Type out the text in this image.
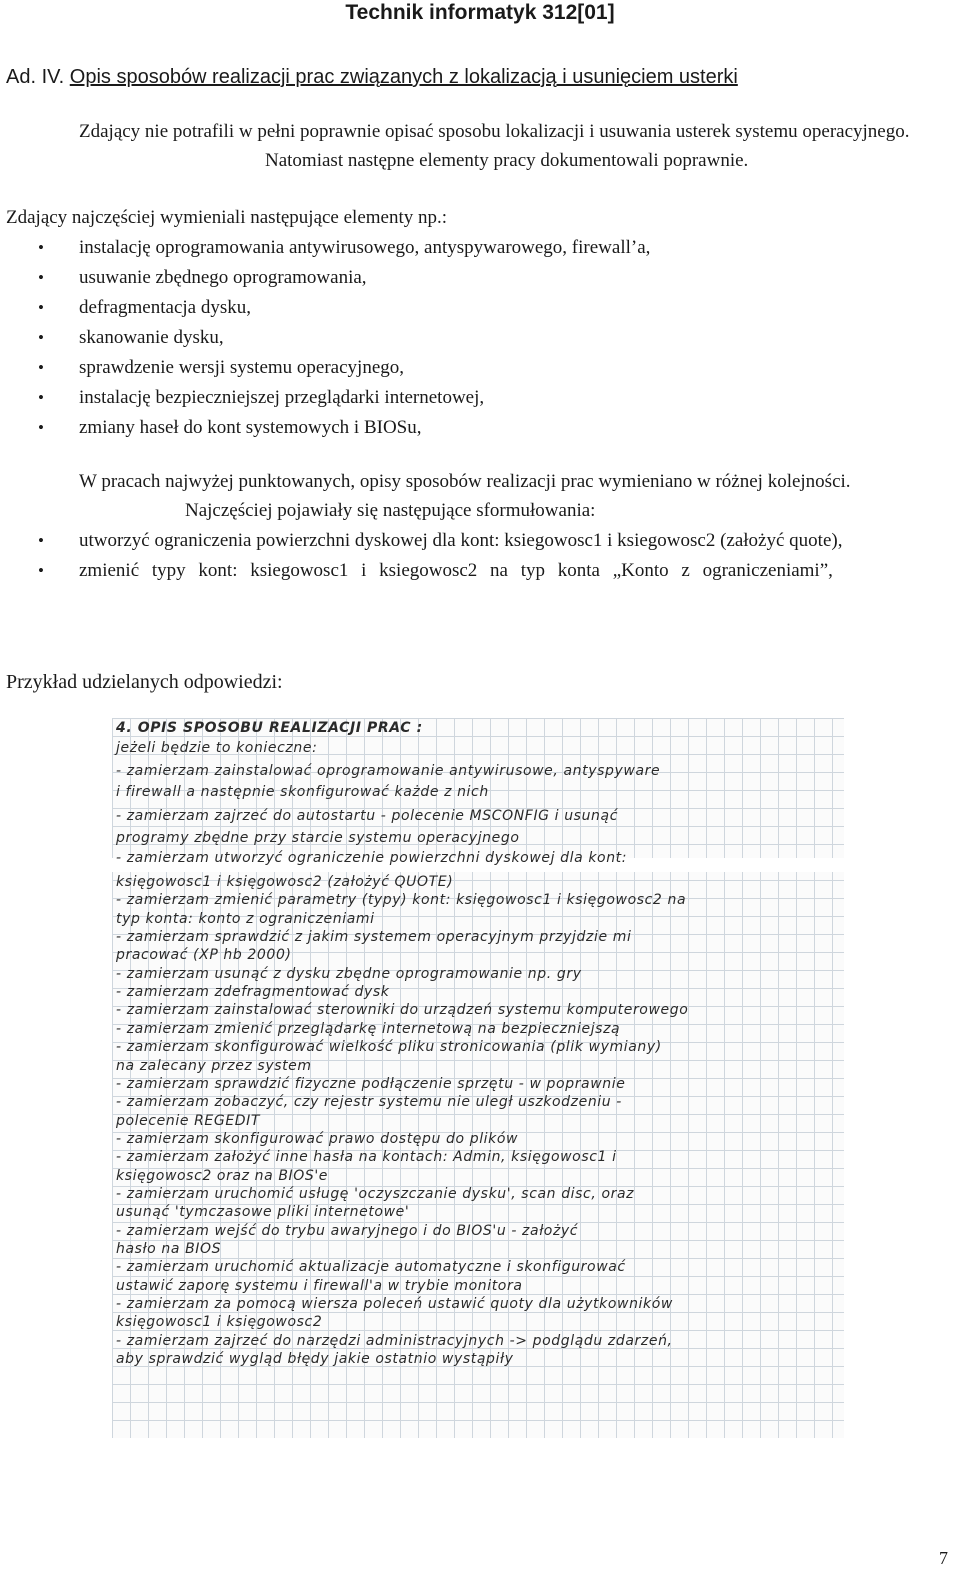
Technik informatyk 312[01]
Ad. IV. Opis sposobów realizacji prac związanych z lokalizacją i usunięciem usterki

Zdający nie potrafili w pełni poprawnie opisać sposobu lokalizacji i usuwania usterek systemu operacyjnego.

Natomiast następne elementy pracy dokumentowali poprawnie.

Zdający najczęściej wymieniali następujące elementy np.:

• instalację oprogramowania antywirusowego, antyspywarowego, firewall’a,
• usuwanie zbędnego oprogramowania,
• defragmentacja dysku,
• skanowanie dysku,
• sprawdzenie wersji systemu operacyjnego,
• instalację bezpieczniejszej przeglądarki internetowej,
• zmiany haseł do kont systemowych i BIOSu,

W pracach najwyżej punktowanych, opisy sposobów realizacji prac wymieniano w różnej kolejności.

Najczęściej pojawiały się następujące sformułowania:
• utworzyć ograniczenia powierzchni dyskowej dla kont: ksiegowosc1 i ksiegowosc2 (założyć quote),
• zmienić typy kont: ksiegowosc1 i ksiegowosc2 na typ konta „Konto z ograniczeniami”,
Przykład udzielanych odpowiedzi:
4. OPIS SPOSOBU REALIZACJI PRAC :
jeżeli będzie to konieczne:
- zamierzam zainstalować oprogramowanie antywirusowe, antyspyware
i firewall a następnie skonfigurować każde z nich
- zamierzam zajrzeć do autostartu - polecenie MSCONFIG i usunąć
programy zbędne przy starcie systemu operacyjnego
- zamierzam utworzyć ograniczenie powierzchni dyskowej dla kont:
księgowosc1 i księgowosc2 (założyć QUOTE)
- zamierzam zmienić parametry (typy) kont: księgowosc1 i księgowosc2 na
typ konta: konto z ograniczeniami
- zamierzam sprawdzić z jakim systemem operacyjnym przyjdzie mi
pracować (XP hb 2000)
- zamierzam usunąć z dysku zbędne oprogramowanie np. gry
- zamierzam zdefragmentować dysk
- zamierzam zainstalować sterowniki do urządzeń systemu komputerowego
- zamierzam zmienić przeglądarkę internetową na bezpieczniejszą
- zamierzam skonfigurować wielkość pliku stronicowania (plik wymiany)
na zalecany przez system
- zamierzam sprawdzić fizyczne podłączenie sprzętu - w poprawnie
- zamierzam zobaczyć, czy rejestr systemu nie uległ uszkodzeniu -
polecenie REGEDIT
- zamierzam skonfigurować prawo dostępu do plików
- zamierzam założyć inne hasła na kontach: Admin, księgowosc1 i
księgowosc2 oraz na BIOS'e
- zamierzam uruchomić usługę 'oczyszczanie dysku', scan disc, oraz
usunąć 'tymczasowe pliki internetowe'
- zamierzam wejść do trybu awaryjnego i do BIOS'u - założyć
hasło na BIOS
- zamierzam uruchomić aktualizacje automatyczne i skonfigurować
ustawić zaporę systemu i firewall'a w trybie monitora
- zamierzam za pomocą wiersza poleceń ustawić quoty dla użytkowników
księgowosc1 i księgowosc2
- zamierzam zajrzeć do narzędzi administracyjnych -> podglądu zdarzeń,
aby sprawdzić wygląd błędy jakie ostatnio wystąpiły
7
